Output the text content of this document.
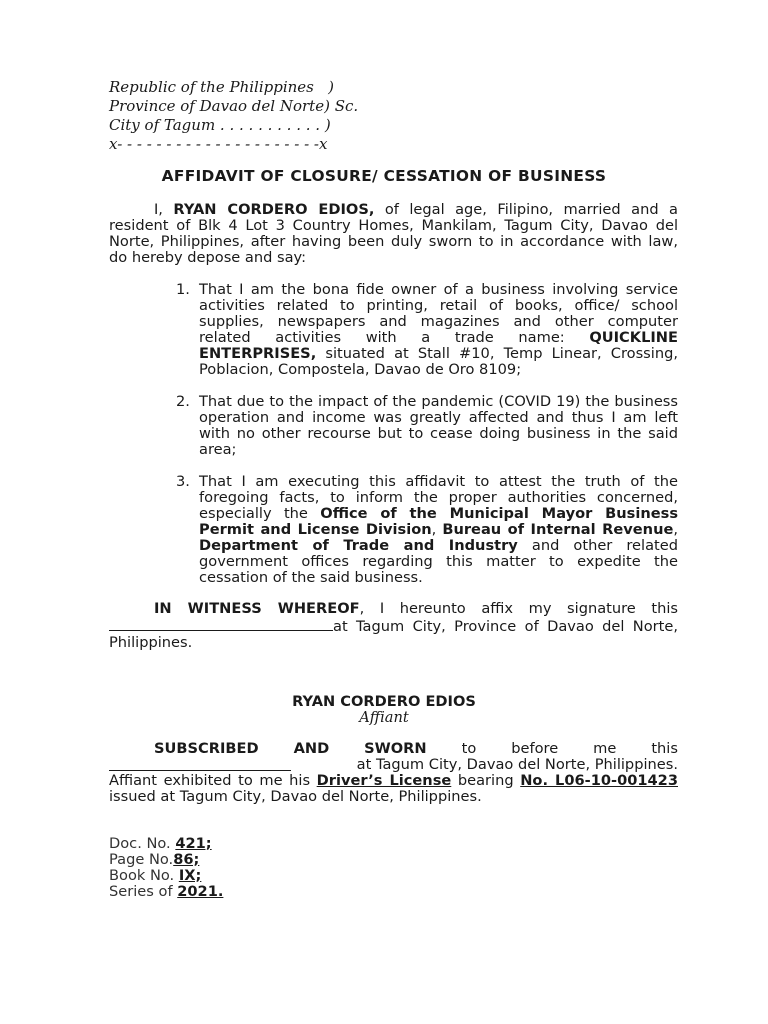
Republic of the Philippines   )
Province of Davao del Norte) Sc.
City of Tagum . . . . . . . . . . . )
x- - - - - - - - - - - - - - - - - - - - -x
AFFIDAVIT OF CLOSURE/ CESSATION OF BUSINESS
I, RYAN CORDERO EDIOS, of legal age, Filipino, married and a resident of Blk 4 Lot 3 Country Homes, Mankilam, Tagum City, Davao del Norte, Philippines, after having been duly sworn to in accordance with law, do hereby depose and say:
1. That I am the bona fide owner of a business involving service activities related to printing, retail of books, office/ school supplies, newspapers and magazines and other computer related activities with a trade name: QUICKLINE ENTERPRISES, situated at Stall #10, Temp Linear, Crossing, Poblacion, Compostela, Davao de Oro 8109;
2. That due to the impact of the pandemic (COVID 19) the business operation and income was greatly affected and thus I am left with no other recourse but to cease doing business in the said area;
3. That I am executing this affidavit to attest the truth of the foregoing facts, to inform the proper authorities concerned, especially the Office of the Municipal Mayor Business Permit and License Division, Bureau of Internal Revenue, Department of Trade and Industry and other related government offices regarding this matter to expedite the cessation of the said business.
IN WITNESS WHEREOF, I hereunto affix my signature this
at Tagum City, Province of Davao del Norte, Philippines.
RYAN CORDERO EDIOS
Affiant
SUBSCRIBED AND SWORN to before me this
at Tagum City, Davao del Norte, Philippines.
Affiant exhibited to me his Driver’s License bearing No. L06-10-001423 issued at Tagum City, Davao del Norte, Philippines.
Doc. No. 421;
Page No.86;
Book No. IX;
Series of 2021.
